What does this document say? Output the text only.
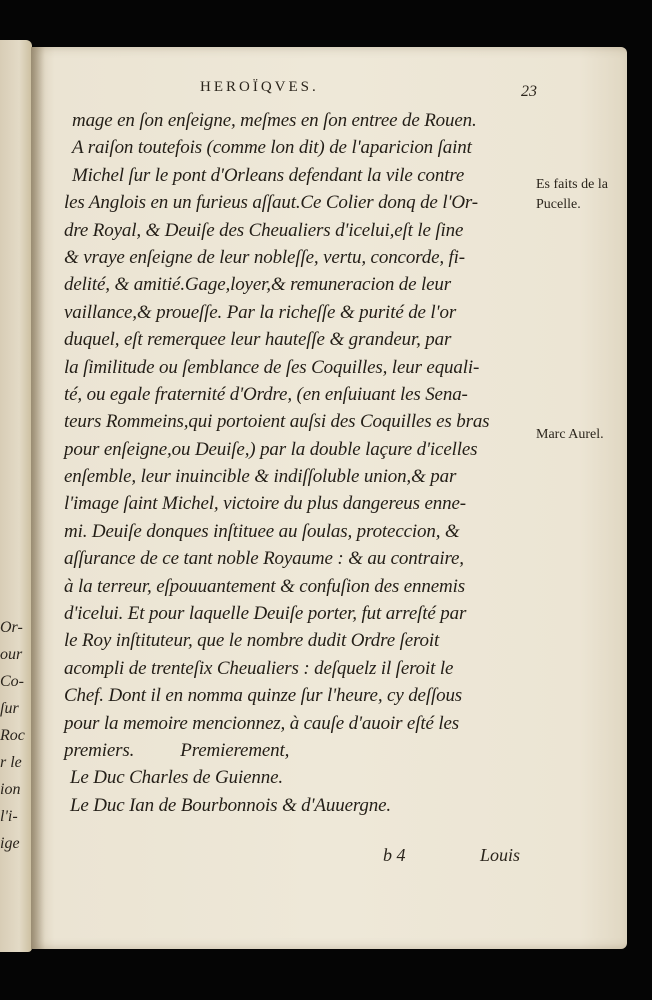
Or-
our
Co-
ſur
Roc
r le
ion
l'i-
ige
HEROÏQVES.	23
mage en ſon enſeigne, meſmes en ſon entree de Rouen.
A raiſon toutefois (comme lon dit) de l'aparicion ſaint
Michel ſur le pont d'Orleans defendant la vile contre
les Anglois en un furieus aſſaut.Ce Colier donq de l'Or-
dre Royal, & Deuiſe des Cheualiers d'icelui,eſt le ſine
& vraye enſeigne de leur nobleſſe, vertu, concorde, fi-
delité, & amitié.Gage,loyer,& remuneracion de leur
vaillance,& proueſſe. Par la richeſſe & purité de l'or
duquel, eſt remerquee leur hauteſſe & grandeur, par
la ſimilitude ou ſemblance de ſes Coquilles, leur equali-
té, ou egale fraternité d'Ordre, (en enſuiuant les Sena-
teurs Rommeins,qui portoient auſsi des Coquilles es bras
pour enſeigne,ou Deuiſe,) par la double laçure d'icelles
enſemble, leur inuincible & indiſſoluble union,& par
l'image ſaint Michel, victoire du plus dangereus enne-
mi. Deuiſe donques inſtituee au ſoulas, proteccion, &
aſſurance de ce tant noble Royaume : & au contraire,
à la terreur, eſpouuantement & confuſion des ennemis
d'icelui. Et pour laquelle Deuiſe porter, fut arreſté par
le Roy inſtituteur, que le nombre dudit Ordre ſeroit
acompli de trenteſix Cheualiers : deſquelz il ſeroit le
Chef. Dont il en nomma quinze ſur l'heure, cy deſſous
pour la memoire mencionnez, à cauſe d'auoir eſté les
premiers.          Premierement,
Le Duc Charles de Guienne.
Le Duc Ian de Bourbonnois & d'Auuergne.
Es faits de la
Pucelle.
Marc Aurel.
b 4	Louis
